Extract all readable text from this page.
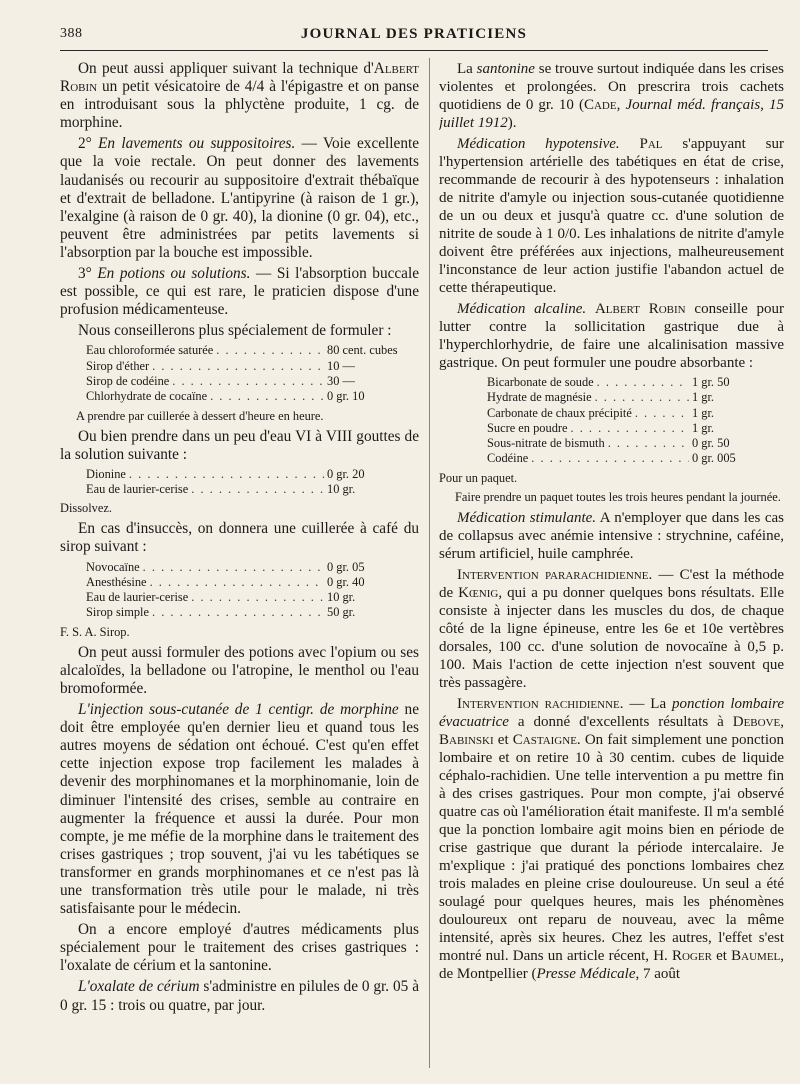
388	JOURNAL DES PRATICIENS

On peut aussi appliquer suivant la technique d'Albert Robin un petit vésicatoire de 4/4 à l'épigastre et on panse en introduisant sous la phlyctène produite, 1 cg. de morphine.

2° En lavements ou suppositoires. — Voie excellente que la voie rectale. On peut donner des lavements laudanisés ou recourir au suppositoire d'extrait thébaïque et d'extrait de belladone. L'antipyrine (à raison de 1 gr.), l'exalgine (à raison de 0 gr. 40), la dionine (0 gr. 04), etc., peuvent être administrées par petits lavements si l'absorption par la bouche est impossible.

3° En potions ou solutions. — Si l'absorption buccale est possible, ce qui est rare, le praticien dispose d'une profusion médicamenteuse.

Nous conseillerons plus spécialement de formuler :

Eau chloroformée saturée . . .	80 cent. cubes
Sirop d'éther . . .	10 —
Sirop de codéine . . .	30 —
Chlorhydrate de cocaïne . . .	0 gr. 10
A prendre par cuillerée à dessert d'heure en heure.

Ou bien prendre dans un peu d'eau VI à VIII gouttes de la solution suivante :

Dionine . . .	0 gr. 20
Eau de laurier-cerise . . .	10 gr.
Dissolvez.

En cas d'insuccès, on donnera une cuillerée à café du sirop suivant :

Novocaïne . . .	0 gr. 05
Anesthésine . . .	0 gr. 40
Eau de laurier-cerise . . .	10 gr.
Sirop simple . . .	50 gr.
F. S. A. Sirop.

On peut aussi formuler des potions avec l'opium ou ses alcaloïdes, la belladone ou l'atropine, le menthol ou l'eau bromoformée.

L'injection sous-cutanée de 1 centigr. de morphine ne doit être employée qu'en dernier lieu et quand tous les autres moyens de sédation ont échoué. C'est qu'en effet cette injection expose trop facilement les malades à devenir des morphinomanes et la morphinomanie, loin de diminuer l'intensité des crises, semble au contraire en augmenter la fréquence et aussi la durée. Pour mon compte, je me méfie de la morphine dans le traitement des crises gastriques ; trop souvent, j'ai vu les tabétiques se transformer en grands morphinomanes et ce n'est pas là une transformation très utile pour le malade, ni très satisfaisante pour le médecin.

On a encore employé d'autres médicaments plus spécialement pour le traitement des crises gastriques : l'oxalate de cérium et la santonine.

L'oxalate de cérium s'administre en pilules de 0 gr. 05 à 0 gr. 15 : trois ou quatre, par jour.

La santonine se trouve surtout indiquée dans les crises violentes et prolongées. On prescrira trois cachets quotidiens de 0 gr. 10 (Cade, Journal méd. français, 15 juillet 1912).

Médication hypotensive. Pal s'appuyant sur l'hypertension artérielle des tabétiques en état de crise, recommande de recourir à des hypotenseurs : inhalation de nitrite d'amyle ou injection sous-cutanée quotidienne de un ou deux et jusqu'à quatre cc. d'une solution de nitrite de soude à 1 0/0. Les inhalations de nitrite d'amyle doivent être préférées aux injections, malheureusement l'inconstance de leur action justifie l'abandon actuel de cette thérapeutique.

Médication alcaline. Albert Robin conseille pour lutter contre la sollicitation gastrique due à l'hyperchlorhydrie, de faire une alcalinisation massive gastrique. On peut formuler une poudre absorbante :

Bicarbonate de soude . . .	1 gr. 50
Hydrate de magnésie . . .	1 gr.
Carbonate de chaux précipité . . .	1 gr.
Sucre en poudre . . .	1 gr.
Sous-nitrate de bismuth . . .	0 gr. 50
Codéine . . .	0 gr. 005
Pour un paquet.
Faire prendre un paquet toutes les trois heures pendant la journée.

Médication stimulante. A n'employer que dans les cas de collapsus avec anémie intensive : strychnine, caféine, sérum artificiel, huile camphrée.

Intervention pararachidienne. — C'est la méthode de Kœnig, qui a pu donner quelques bons résultats. Elle consiste à injecter dans les muscles du dos, de chaque côté de la ligne épineuse, entre les 6e et 10e vertèbres dorsales, 100 cc. d'une solution de novocaïne à 0,5 p. 100. Mais l'action de cette injection n'est souvent que très passagère.

Intervention rachidienne. — La ponction lombaire évacuatrice a donné d'excellents résultats à Debove, Babinski et Castaigne. On fait simplement une ponction lombaire et on retire 10 à 30 centim. cubes de liquide céphalo-rachidien. Une telle intervention a pu mettre fin à des crises gastriques. Pour mon compte, j'ai observé quatre cas où l'amélioration était manifeste. Il m'a semblé que la ponction lombaire agit moins bien en période de crise gastrique que durant la période intercalaire. Je m'explique : j'ai pratiqué des ponctions lombaires chez trois malades en pleine crise douloureuse. Un seul a été soulagé pour quelques heures, mais les phénomènes douloureux ont reparu de nouveau, avec la même intensité, après six heures. Chez les autres, l'effet s'est montré nul. Dans un article récent, H. Roger et Baumel, de Montpellier (Presse Médicale, 7 août
